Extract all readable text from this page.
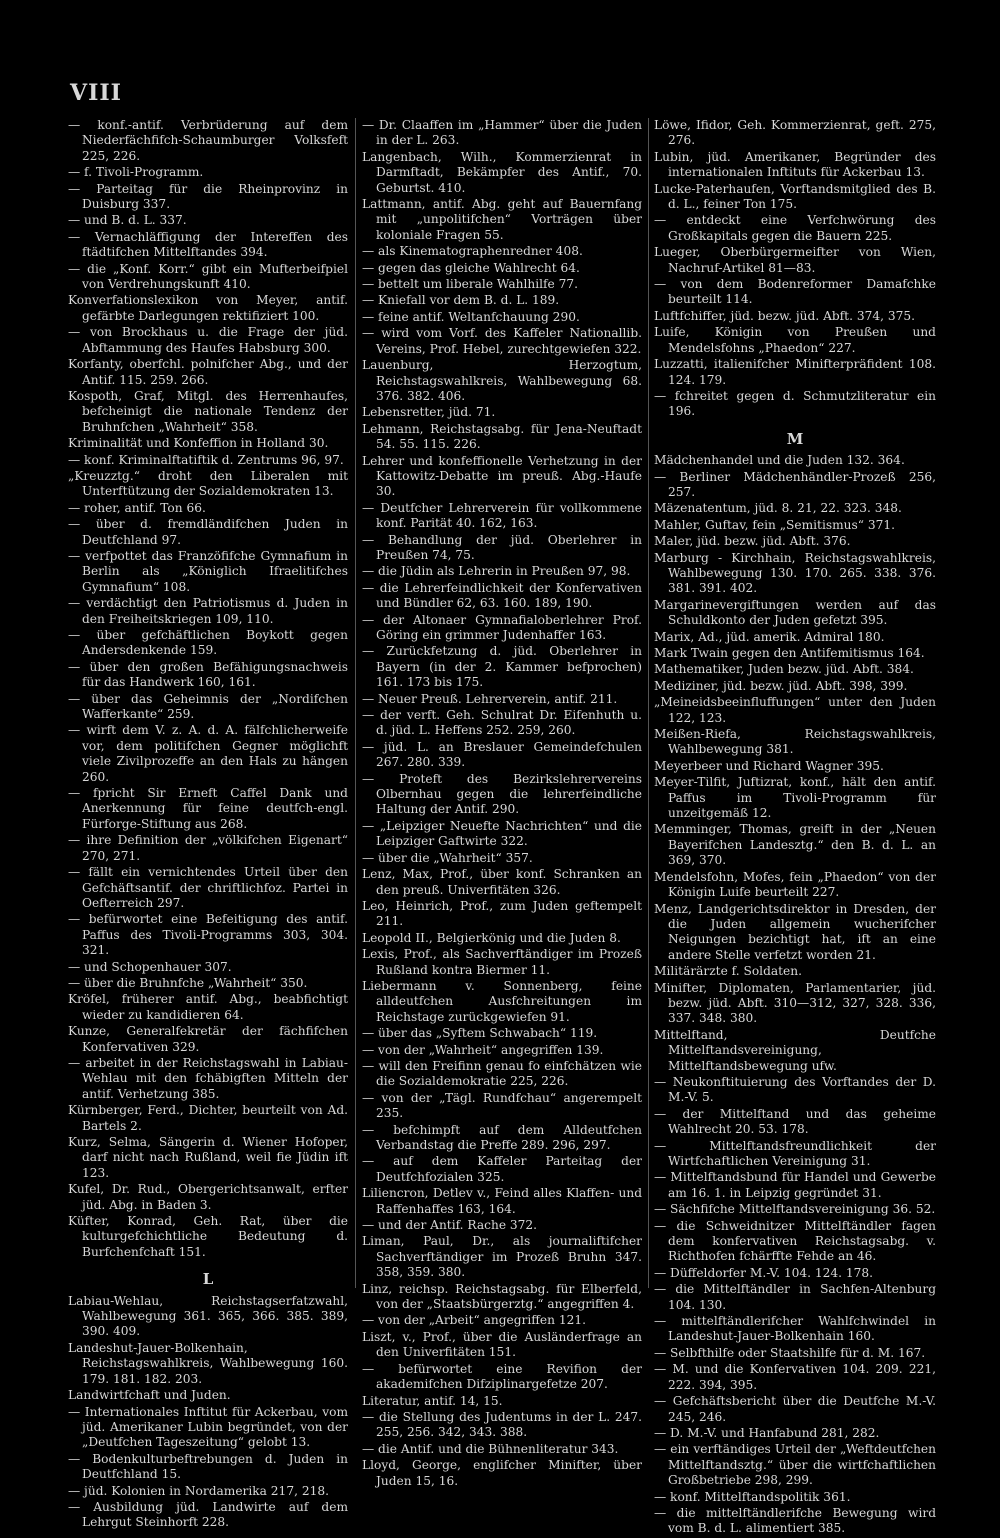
VIII
— konf.-antif. Verbrüderung auf dem Niederfächfifch-Schaumburger Volksfeft 225, 226.
— f. Tivoli-Programm.
— Parteitag für die Rheinprovinz in Duisburg 337.
— und B. d. L. 337.
— Vernachläffigung der Intereffen des ftädtifchen Mittelftandes 394.
— die „Konf. Korr.“ gibt ein Mufterbeifpiel von Verdrehungskunft 410.
Konverfationslexikon von Meyer, antif. gefärbte Darlegungen rektifiziert 100.
— von Brockhaus u. die Frage der jüd. Abftammung des Haufes Habsburg 300.
Korfanty, oberfchl. polnifcher Abg., und der Antif. 115. 259. 266.
Kospoth, Graf, Mitgl. des Herrenhaufes, befcheinigt die nationale Tendenz der Bruhnfchen „Wahrheit“ 358.
Kriminalität und Konfeffion in Holland 30.
— konf. Kriminalftatiftik d. Zentrums 96, 97.
„Kreuzztg.“ droht den Liberalen mit Unterftützung der Sozialdemokraten 13.
— roher, antif. Ton 66.
— über d. fremdländifchen Juden in Deutfchland 97.
— verfpottet das Franzöfifche Gymnafium in Berlin als „Königlich Ifraelitifches Gymnafium“ 108.
— verdächtigt den Patriotismus d. Juden in den Freiheitskriegen 109, 110.
— über gefchäftlichen Boykott gegen Andersdenkende 159.
— über den großen Befähigungsnachweis für das Handwerk 160, 161.
— über das Geheimnis der „Nordifchen Wafferkante“ 259.
— wirft dem V. z. A. d. A. fälfchlicherweife vor, dem politifchen Gegner möglichft viele Zivilprozeffe an den Hals zu hängen 260.
— fpricht Sir Erneft Caffel Dank und Anerkennung für feine deutfch-engl. Fürforge-Stiftung aus 268.
— ihre Definition der „völkifchen Eigenart“ 270, 271.
— fällt ein vernichtendes Urteil über den Gefchäftsantif. der chriftlichfoz. Partei in Oefterreich 297.
— befürwortet eine Befeitigung des antif. Paffus des Tivoli-Programms 303, 304. 321.
— und Schopenhauer 307.
— über die Bruhnfche „Wahrheit“ 350.
Kröfel, früherer antif. Abg., beabfichtigt wieder zu kandidieren 64.
Kunze, Generalfekretär der fächfifchen Konfervativen 329.
— arbeitet in der Reichstagswahl in Labiau-Wehlau mit den fchäbigften Mitteln der antif. Verhetzung 385.
Kürnberger, Ferd., Dichter, beurteilt von Ad. Bartels 2.
Kurz, Selma, Sängerin d. Wiener Hofoper, darf nicht nach Rußland, weil fie Jüdin ift 123.
Kufel, Dr. Rud., Obergerichtsanwalt, erfter jüd. Abg. in Baden 3.
Küfter, Konrad, Geh. Rat, über die kulturgefchichtliche Bedeutung d. Burfchenfchaft 151.
L
Labiau-Wehlau, Reichstagserfatzwahl, Wahlbewegung 361. 365, 366. 385. 389, 390. 409.
Landeshut-Jauer-Bolkenhain, Reichstagswahlkreis, Wahlbewegung 160. 179. 181. 182. 203.
Landwirtfchaft und Juden.
— Internationales Inftitut für Ackerbau, vom jüd. Amerikaner Lubin begründet, von der „Deutfchen Tageszeitung“ gelobt 13.
— Bodenkulturbeftrebungen d. Juden in Deutfchland 15.
— jüd. Kolonien in Nordamerika 217, 218.
— Ausbildung jüd. Landwirte auf dem Lehrgut Steinhorft 228.
— Dr. Claaffen im „Hammer“ über die Juden in der L. 263.
Langenbach, Wilh., Kommerzienrat in Darmftadt, Bekämpfer des Antif., 70. Geburtst. 410.
Lattmann, antif. Abg. geht auf Bauernfang mit „unpolitifchen“ Vorträgen über koloniale Fragen 55.
— als Kinematographenredner 408.
— gegen das gleiche Wahlrecht 64.
— bettelt um liberale Wahlhilfe 77.
— Kniefall vor dem B. d. L. 189.
— feine antif. Weltanfchauung 290.
— wird vom Vorf. des Kaffeler Nationallib. Vereins, Prof. Hebel, zurechtgewiefen 322.
Lauenburg, Herzogtum, Reichstagswahlkreis, Wahlbewegung 68. 376. 382. 406.
Lebensretter, jüd. 71.
Lehmann, Reichstagsabg. für Jena-Neuftadt 54. 55. 115. 226.
Lehrer und konfeffionelle Verhetzung in der Kattowitz-Debatte im preuß. Abg.-Haufe 30.
— Deutfcher Lehrerverein für vollkommene konf. Parität 40. 162, 163.
— Behandlung der jüd. Oberlehrer in Preußen 74, 75.
— die Jüdin als Lehrerin in Preußen 97, 98.
— die Lehrerfeindlichkeit der Konfervativen und Bündler 62, 63. 160. 189, 190.
— der Altonaer Gymnafialoberlehrer Prof. Göring ein grimmer Judenhaffer 163.
— Zurückfetzung d. jüd. Oberlehrer in Bayern (in der 2. Kammer befprochen) 161. 173 bis 175.
— Neuer Preuß. Lehrerverein, antif. 211.
— der verft. Geh. Schulrat Dr. Eifenhuth u. d. jüd. L. Heffens 252. 259, 260.
— jüd. L. an Breslauer Gemeindefchulen 267. 280. 339.
— Proteft des Bezirkslehrervereins Olbernhau gegen die lehrerfeindliche Haltung der Antif. 290.
— „Leipziger Neuefte Nachrichten“ und die Leipziger Gaftwirte 322.
— über die „Wahrheit“ 357.
Lenz, Max, Prof., über konf. Schranken an den preuß. Univerfitäten 326.
Leo, Heinrich, Prof., zum Juden geftempelt 211.
Leopold II., Belgierkönig und die Juden 8.
Lexis, Prof., als Sachverftändiger im Prozeß Rußland kontra Biermer 11.
Liebermann v. Sonnenberg, feine alldeutfchen Ausfchreitungen im Reichstage zurückgewiefen 91.
— über das „Syftem Schwabach“ 119.
— von der „Wahrheit“ angegriffen 139.
— will den Freifinn genau fo einfchätzen wie die Sozialdemokratie 225, 226.
— von der „Tägl. Rundfchau“ angerempelt 235.
— befchimpft auf dem Alldeutfchen Verbandstag die Preffe 289. 296, 297.
— auf dem Kaffeler Parteitag der Deutfchfozialen 325.
Liliencron, Detlev v., Feind alles Klaffen- und Raffenhaffes 163, 164.
— und der Antif. Rache 372.
Liman, Paul, Dr., als journaliftifcher Sachverftändiger im Prozeß Bruhn 347. 358, 359. 380.
Linz, reichsp. Reichstagsabg. für Elberfeld, von der „Staatsbürgerztg.“ angegriffen 4.
— von der „Arbeit“ angegriffen 121.
Liszt, v., Prof., über die Ausländerfrage an den Univerfitäten 151.
— befürwortet eine Revifion der akademifchen Difziplinargefetze 207.
Literatur, antif. 14, 15.
— die Stellung des Judentums in der L. 247. 255, 256. 342, 343. 388.
— die Antif. und die Bühnenliteratur 343.
Lloyd, George, englifcher Minifter, über Juden 15, 16.
Löwe, Ifidor, Geh. Kommerzienrat, geft. 275, 276.
Lubin, jüd. Amerikaner, Begründer des internationalen Inftituts für Ackerbau 13.
Lucke-Paterhaufen, Vorftandsmitglied des B. d. L., feiner Ton 175.
— entdeckt eine Verfchwörung des Großkapitals gegen die Bauern 225.
Lueger, Oberbürgermeifter von Wien, Nachruf-Artikel 81—83.
— von dem Bodenreformer Damafchke beurteilt 114.
Luftfchiffer, jüd. bezw. jüd. Abft. 374, 375.
Luife, Königin von Preußen und Mendelsfohns „Phaedon“ 227.
Luzzatti, italienifcher Minifterpräfident 108. 124. 179.
— fchreitet gegen d. Schmutzliteratur ein 196.
M
Mädchenhandel und die Juden 132. 364.
— Berliner Mädchenhändler-Prozeß 256, 257.
Mäzenatentum, jüd. 8. 21, 22. 323. 348.
Mahler, Guftav, fein „Semitismus“ 371.
Maler, jüd. bezw. jüd. Abft. 376.
Marburg - Kirchhain, Reichstagswahlkreis, Wahlbewegung 130. 170. 265. 338. 376. 381. 391. 402.
Margarinevergiftungen werden auf das Schuldkonto der Juden gefetzt 395.
Marix, Ad., jüd. amerik. Admiral 180.
Mark Twain gegen den Antifemitismus 164.
Mathematiker, Juden bezw. jüd. Abft. 384.
Mediziner, jüd. bezw. jüd. Abft. 398, 399.
„Meineidsbeeinfluffungen“ unter den Juden 122, 123.
Meißen-Riefa, Reichstagswahlkreis, Wahlbewegung 381.
Meyerbeer und Richard Wagner 395.
Meyer-Tilfit, Juftizrat, konf., hält den antif. Paffus im Tivoli-Programm für unzeitgemäß 12.
Memminger, Thomas, greift in der „Neuen Bayerifchen Landesztg.“ den B. d. L. an 369, 370.
Mendelsfohn, Mofes, fein „Phaedon“ von der Königin Luife beurteilt 227.
Menz, Landgerichtsdirektor in Dresden, der die Juden allgemein wucherifcher Neigungen bezichtigt hat, ift an eine andere Stelle verfetzt worden 21.
Militärärzte f. Soldaten.
Minifter, Diplomaten, Parlamentarier, jüd. bezw. jüd. Abft. 310—312, 327, 328. 336, 337. 348. 380.
Mittelftand, Deutfche Mittelftandsvereinigung, Mittelftandsbewegung ufw.
— Neukonftituierung des Vorftandes der D. M.-V. 5.
— der Mittelftand und das geheime Wahlrecht 20. 53. 178.
— Mittelftandsfreundlichkeit der Wirtfchaftlichen Vereinigung 31.
— Mittelftandsbund für Handel und Gewerbe am 16. 1. in Leipzig gegründet 31.
— Sächfifche Mittelftandsvereinigung 36. 52.
— die Schweidnitzer Mittelftändler fagen dem konfervativen Reichstagsabg. v. Richthofen fchärffte Fehde an 46.
— Düffeldorfer M.-V. 104. 124. 178.
— die Mittelftändler in Sachfen-Altenburg 104. 130.
— mittelftändlerifcher Wahlfchwindel in Landeshut-Jauer-Bolkenhain 160.
— Selbfthilfe oder Staatshilfe für d. M. 167.
— M. und die Konfervativen 104. 209. 221, 222. 394, 395.
— Gefchäftsbericht über die Deutfche M.-V. 245, 246.
— D. M.-V. und Hanfabund 281, 282.
— ein verftändiges Urteil der „Weftdeutfchen Mittelftandsztg.“ über die wirtfchaftlichen Großbetriebe 298, 299.
— konf. Mittelftandspolitik 361.
— die mittelftändlerifche Bewegung wird vom B. d. L. alimentiert 385.
